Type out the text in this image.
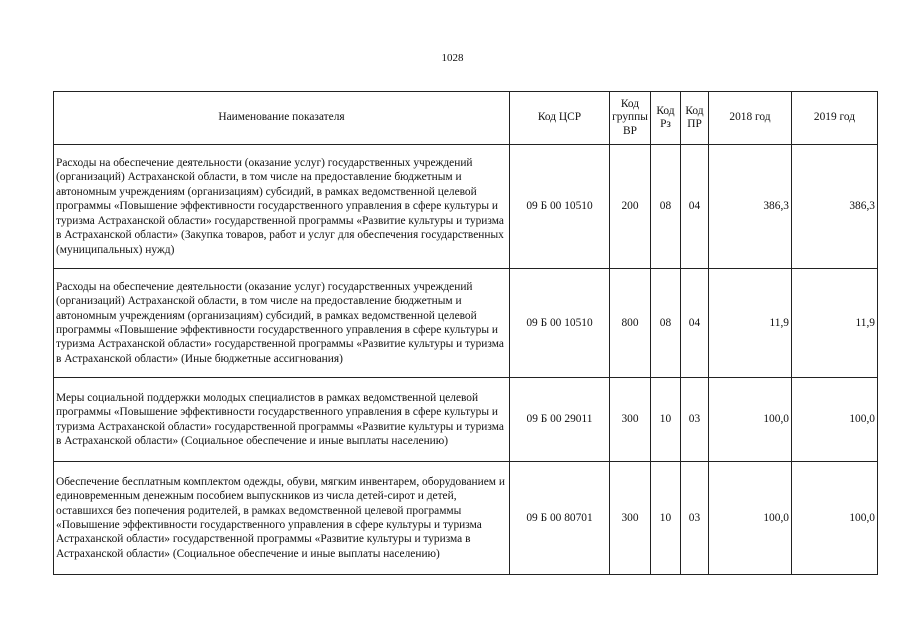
1028
Наименование показателя	Код ЦСР	Код группы ВР	Код Рз	Код ПР	2018 год	2019 год
Расходы на обеспечение деятельности (оказание услуг) государственных учреждений (организаций) Астраханской области, в том числе на предоставление бюджетным и автономным учреждениям (организациям) субсидий, в рамках ведомственной целевой программы «Повышение эффективности государственного управления в сфере культуры и туризма Астраханской области» государственной программы «Развитие культуры и туризма в Астраханской области» (Закупка товаров, работ и услуг для обеспечения государственных (муниципальных) нужд)	09 Б 00 10510	200	08	04	386,3	386,3
Расходы на обеспечение деятельности (оказание услуг) государственных учреждений (организаций) Астраханской области, в том числе на предоставление бюджетным и автономным учреждениям (организациям) субсидий, в рамках ведомственной целевой программы «Повышение эффективности государственного управления в сфере культуры и туризма Астраханской области» государственной программы «Развитие культуры и туризма в Астраханской области» (Иные бюджетные ассигнования)	09 Б 00 10510	800	08	04	11,9	11,9
Меры социальной поддержки молодых специалистов в рамках ведомственной целевой программы «Повышение эффективности государственного управления в сфере культуры и туризма Астраханской области» государственной программы «Развитие культуры и туризма в Астраханской области» (Социальное обеспечение и иные выплаты населению)	09 Б 00 29011	300	10	03	100,0	100,0
Обеспечение бесплатным комплектом одежды, обуви, мягким инвентарем, оборудованием и единовременным денежным пособием выпускников из числа детей-сирот и детей, оставшихся без попечения родителей, в рамках ведомственной целевой программы «Повышение эффективности государственного управления в сфере культуры и туризма Астраханской области» государственной программы «Развитие культуры и туризма в Астраханской области» (Социальное обеспечение и иные выплаты населению)	09 Б 00 80701	300	10	03	100,0	100,0
